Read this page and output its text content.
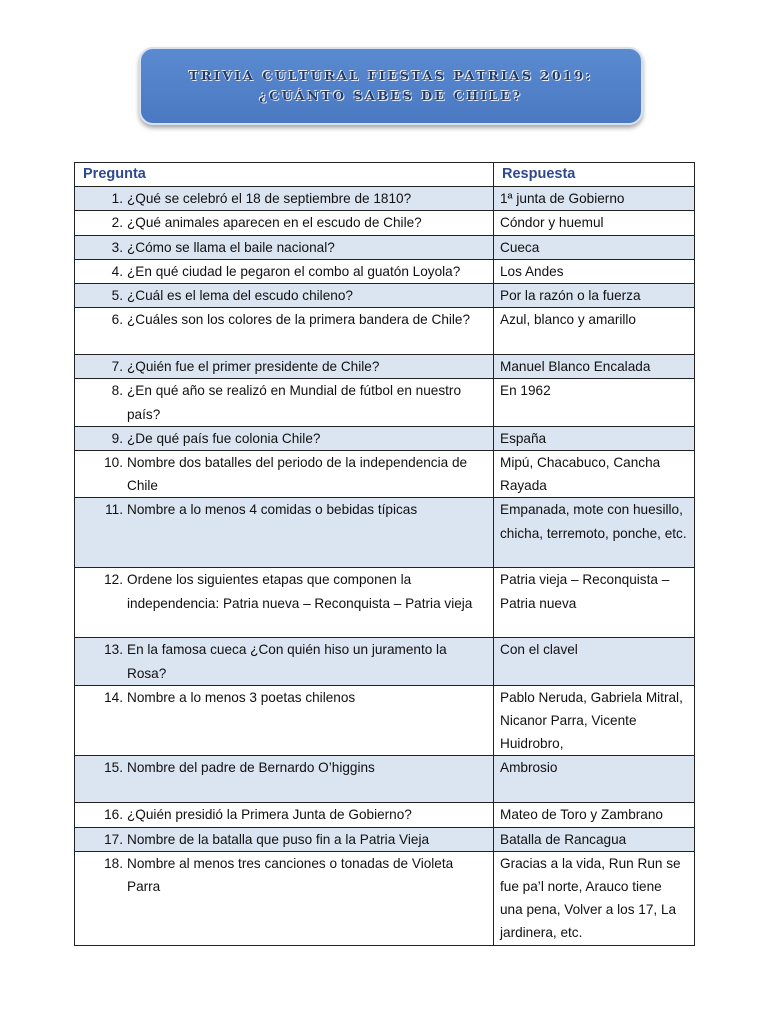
TRIVIA CULTURAL FIESTAS PATRIAS 2019:
¿CUÁNTO SABES DE CHILE?
Pregunta	Respuesta

1. ¿Qué se celebró el 18 de septiembre de 1810?	1ª junta de Gobierno

2. ¿Qué animales aparecen en el escudo de Chile?	Cóndor y huemul

3. ¿Cómo se llama el baile nacional?	Cueca

4. ¿En qué ciudad le pegaron el combo al guatón Loyola?	Los Andes

5. ¿Cuál es el lema del escudo chileno?	Por la razón o la fuerza

6. ¿Cuáles son los colores de la primera bandera de Chile?	Azul, blanco y amarillo

7. ¿Quién fue el primer presidente de Chile?	Manuel Blanco Encalada

8. ¿En qué año se realizó en Mundial de fútbol en nuestro país?	En 1962

9. ¿De qué país fue colonia Chile?	España

10. Nombre dos batalles del periodo de la independencia de Chile	Mipú, Chacabuco, Cancha Rayada

11. Nombre a lo menos 4 comidas o bebidas típicas	Empanada, mote con huesillo, chicha, terremoto, ponche, etc.

12. Ordene los siguientes etapas que componen la independencia: Patria nueva – Reconquista – Patria vieja	Patria vieja – Reconquista – Patria nueva

13. En la famosa cueca ¿Con quién hiso un juramento la Rosa?	Con el clavel

14. Nombre a lo menos 3 poetas chilenos	Pablo Neruda, Gabriela Mitral, Nicanor Parra, Vicente Huidrobro,

15. Nombre del padre de Bernardo O’higgins	Ambrosio

16. ¿Quién presidió la Primera Junta de Gobierno?	Mateo de Toro y Zambrano

17. Nombre de la batalla que puso fin a la Patria Vieja	Batalla de Rancagua

18. Nombre al menos tres canciones o tonadas de Violeta Parra	Gracias a la vida, Run Run se fue pa’l norte, Arauco tiene una pena, Volver a los 17, La jardinera, etc.
